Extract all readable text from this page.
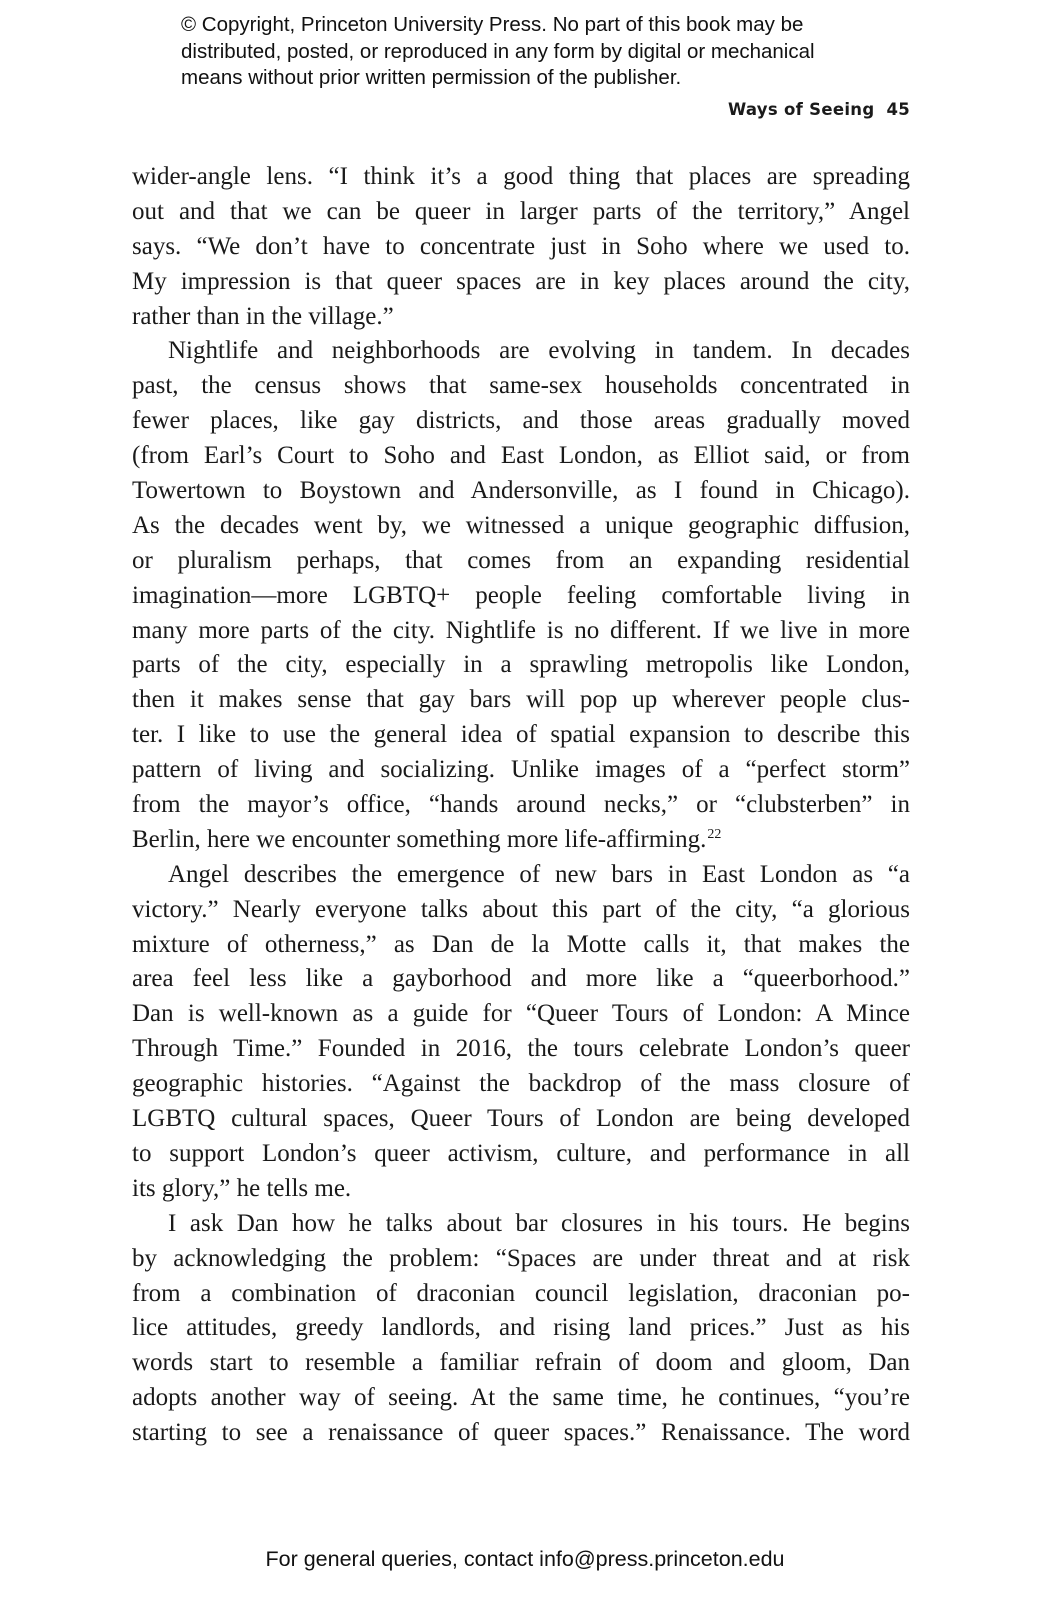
© Copyright, Princeton University Press. No part of this book may be
distributed, posted, or reproduced in any form by digital or mechanical
means without prior written permission of the publisher.
Ways of Seeing 45
wider-angle lens. “I think it’s a good thing that places are spreading
out and that we can be queer in larger parts of the territory,” Angel
says. “We don’t have to concentrate just in Soho where we used to.
My impression is that queer spaces are in key places around the city,
rather than in the village.”
Nightlife and neighborhoods are evolving in tandem. In decades
past, the census shows that same-sex households concentrated in
fewer places, like gay districts, and those areas gradually moved
(from Earl’s Court to Soho and East London, as Elliot said, or from
Towertown to Boystown and Andersonville, as I found in Chicago).
As the decades went by, we witnessed a unique geographic diffusion,
or pluralism perhaps, that comes from an expanding residential
imagination—more LGBTQ+ people feeling comfortable living in
many more parts of the city. Nightlife is no different. If we live in more
parts of the city, especially in a sprawling metropolis like London,
then it makes sense that gay bars will pop up wherever people clus-
ter. I like to use the general idea of spatial expansion to describe this
pattern of living and socializing. Unlike images of a “perfect storm”
from the mayor’s office, “hands around necks,” or “clubsterben” in
Berlin, here we encounter something more life-affirming.$^{22}$
Angel describes the emergence of new bars in East London as “a
victory.” Nearly everyone talks about this part of the city, “a glorious
mixture of otherness,” as Dan de la Motte calls it, that makes the
area feel less like a gayborhood and more like a “queerborhood.”
Dan is well-known as a guide for “Queer Tours of London: A Mince
Through Time.” Founded in 2016, the tours celebrate London’s queer
geographic histories. “Against the backdrop of the mass closure of
LGBTQ cultural spaces, Queer Tours of London are being developed
to support London’s queer activism, culture, and performance in all
its glory,” he tells me.
I ask Dan how he talks about bar closures in his tours. He begins
by acknowledging the problem: “Spaces are under threat and at risk
from a combination of draconian council legislation, draconian po-
lice attitudes, greedy landlords, and rising land prices.” Just as his
words start to resemble a familiar refrain of doom and gloom, Dan
adopts another way of seeing. At the same time, he continues, “you’re
starting to see a renaissance of queer spaces.” Renaissance. The word
For general queries, contact info@press.princeton.edu
